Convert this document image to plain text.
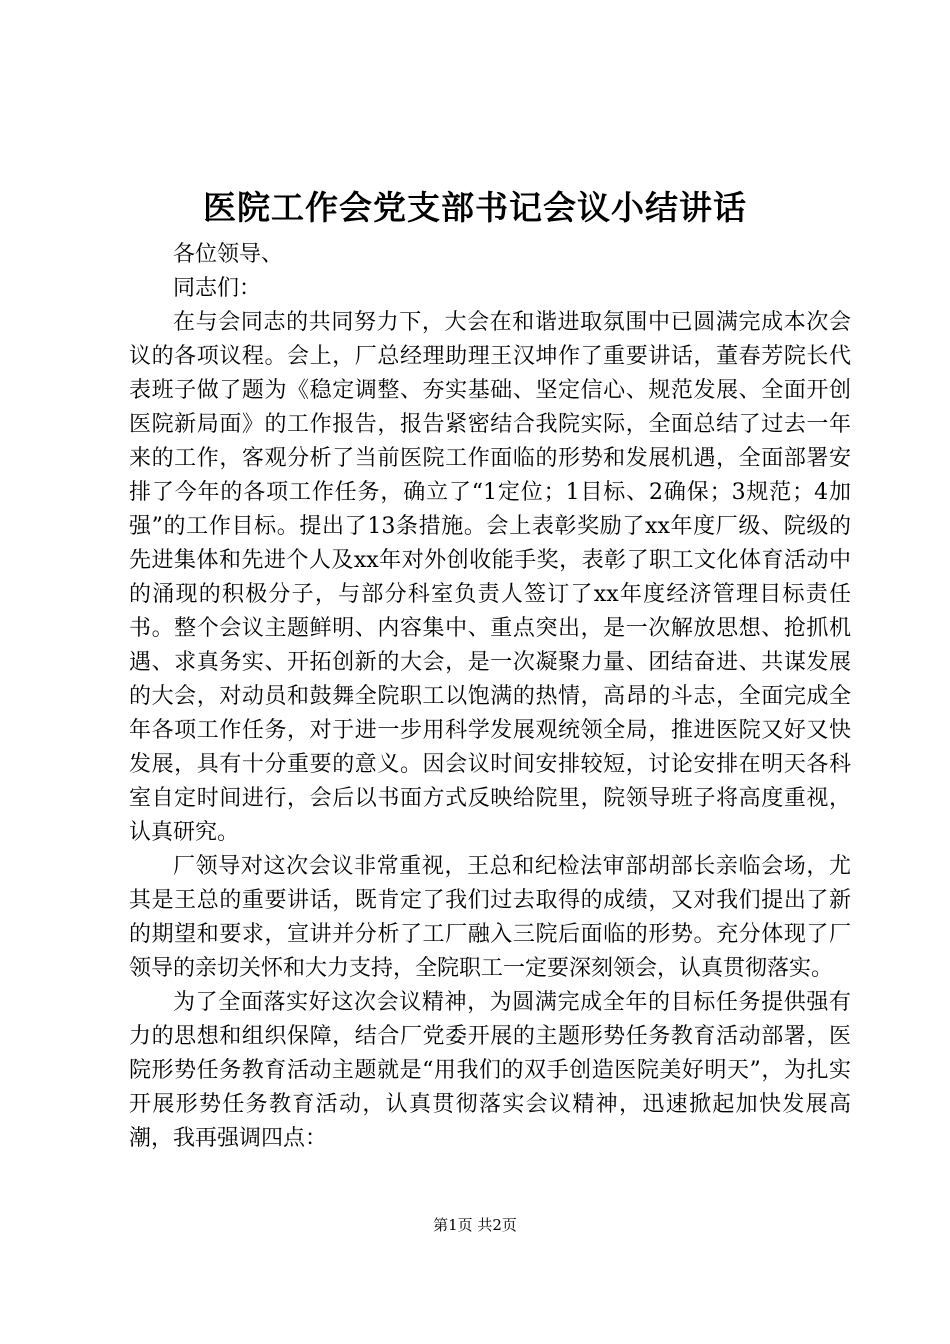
医院工作会党支部书记会议小结讲话

各位领导、

同志们：

在与会同志的共同努力下，大会在和谐进取氛围中已圆满完成本次会议的各项议程。会上，厂总经理助理王汉坤作了重要讲话，董春芳院长代表班子做了题为《稳定调整、夯实基础、坚定信心、规范发展、全面开创医院新局面》的工作报告，报告紧密结合我院实际，全面总结了过去一年来的工作，客观分析了当前医院工作面临的形势和发展机遇，全面部署安排了今年的各项工作任务，确立了“1定位；1目标、2确保；3规范；4加强”的工作目标。提出了13条措施。会上表彰奖励了xx年度厂级、院级的先进集体和先进个人及xx年对外创收能手奖，表彰了职工文化体育活动中的涌现的积极分子，与部分科室负责人签订了xx年度经济管理目标责任书。整个会议主题鲜明、内容集中、重点突出，是一次解放思想、抢抓机遇、求真务实、开拓创新的大会，是一次凝聚力量、团结奋进、共谋发展的大会，对动员和鼓舞全院职工以饱满的热情，高昂的斗志，全面完成全年各项工作任务，对于进一步用科学发展观统领全局，推进医院又好又快发展，具有十分重要的意义。因会议时间安排较短，讨论安排在明天各科室自定时间进行，会后以书面方式反映给院里，院领导班子将高度重视，认真研究。

厂领导对这次会议非常重视，王总和纪检法审部胡部长亲临会场，尤其是王总的重要讲话，既肯定了我们过去取得的成绩，又对我们提出了新的期望和要求，宣讲并分析了工厂融入三院后面临的形势。充分体现了厂领导的亲切关怀和大力支持，全院职工一定要深刻领会，认真贯彻落实。

为了全面落实好这次会议精神，为圆满完成全年的目标任务提供强有力的思想和组织保障，结合厂党委开展的主题形势任务教育活动部署，医院形势任务教育活动主题就是“用我们的双手创造医院美好明天”，为扎实开展形势任务教育活动，认真贯彻落实会议精神，迅速掀起加快发展高潮，我再强调四点：

第1页 共2页
